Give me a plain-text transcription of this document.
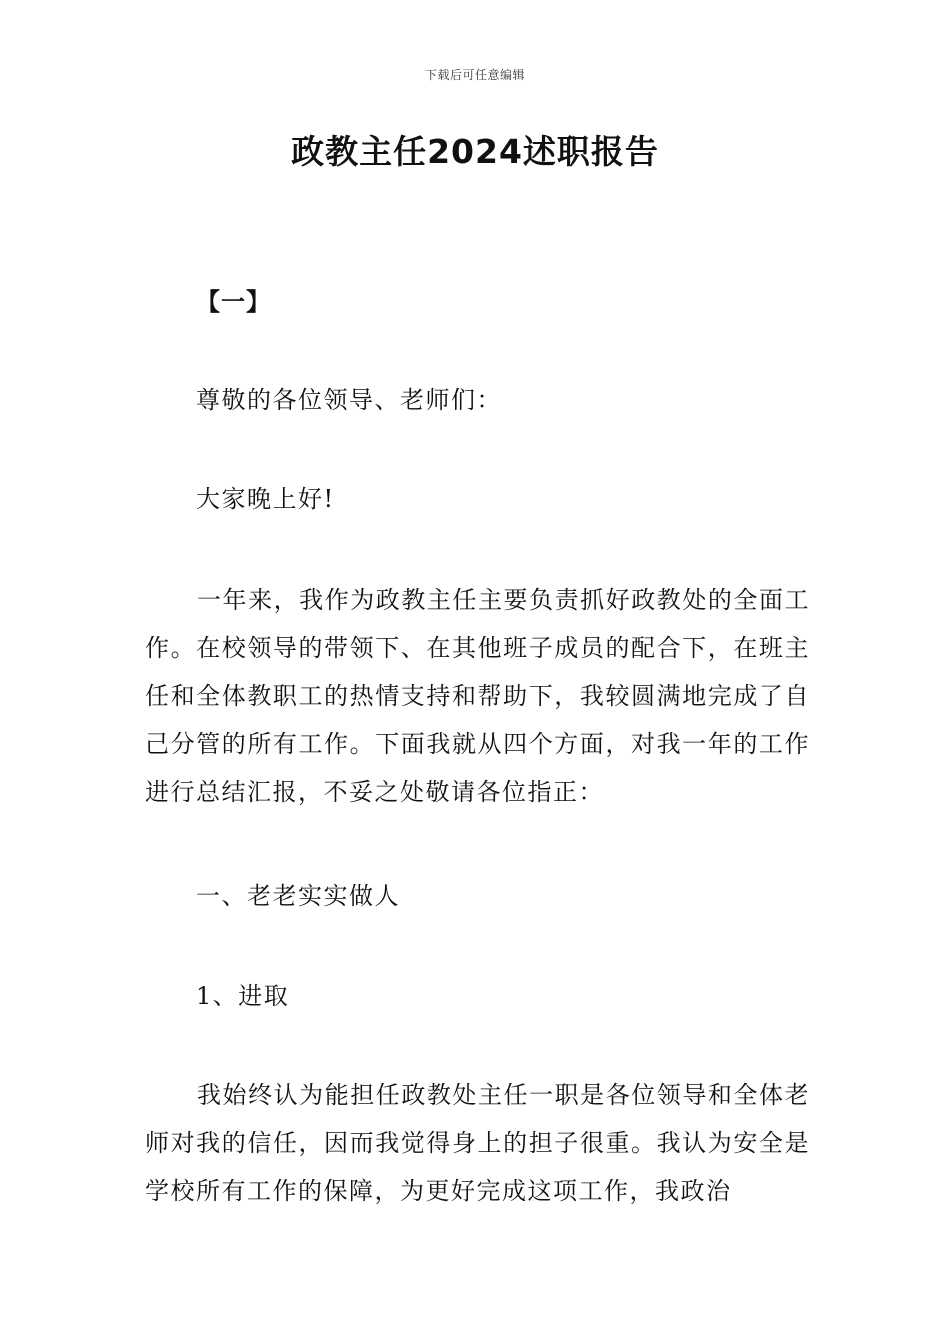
下载后可任意编辑
政教主任2024述职报告

【一】

尊敬的各位领导、老师们：

大家晚上好!

一年来，我作为政教主任主要负责抓好政教处的全面工作。在校领导的带领下、在其他班子成员的配合下，在班主任和全体教职工的热情支持和帮助下，我较圆满地完成了自己分管的所有工作。下面我就从四个方面，对我一年的工作进行总结汇报，不妥之处敬请各位指正：

一、老老实实做人

1、进取

我始终认为能担任政教处主任一职是各位领导和全体老师对我的信任，因而我觉得身上的担子很重。我认为安全是学校所有工作的保障，为更好完成这项工作，我政治
